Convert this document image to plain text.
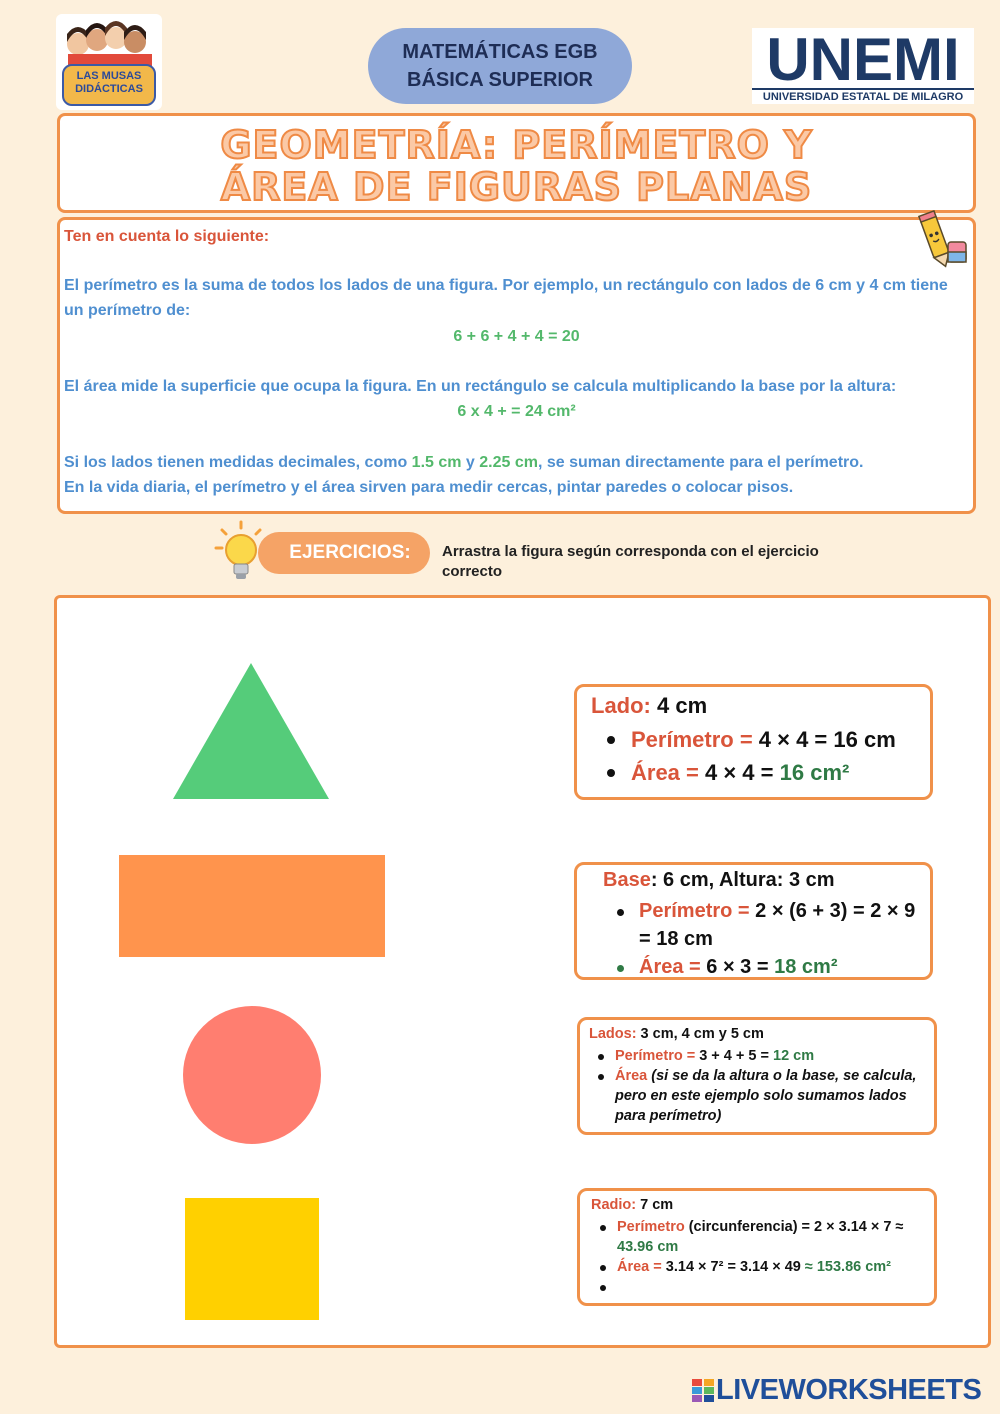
LAS MUSAS
DIDÁCTICAS
MATEMÁTICAS EGB
BÁSICA SUPERIOR	UNEMI
UNIVERSIDAD ESTATAL DE MILAGRO
GEOMETRÍA: PERÍMETRO Y
ÁREA DE FIGURAS PLANAS
Ten en cuenta lo siguiente:
El perímetro es la suma de todos los lados de una figura. Por ejemplo, un rectángulo con lados de 6 cm y 4 cm tiene
un perímetro de:
6 + 6 + 4 + 4 = 20
El área mide la superficie que ocupa la figura. En un rectángulo se calcula multiplicando la base por la altura:
6 x 4 + = 24 cm²
Si los lados tienen medidas decimales, como 1.5 cm y 2.25 cm, se suman directamente para el perímetro.
En la vida diaria, el perímetro y el área sirven para medir cercas, pintar paredes o colocar pisos.
EJERCICIOS:	Arrastra la figura según corresponda con el ejercicio correcto
Lado: 4 cm
Perímetro = 4 × 4 = 16 cm
Área = 4 × 4 = 16 cm²
Base: 6 cm, Altura: 3 cm
Perímetro = 2 × (6 + 3) = 2 × 9 = 18 cm
Área = 6 × 3 = 18 cm²
Lados: 3 cm, 4 cm y 5 cm
Perímetro = 3 + 4 + 5 = 12 cm
Área (si se da la altura o la base, se calcula, pero en este ejemplo solo sumamos lados para perímetro)
Radio: 7 cm
Perímetro (circunferencia) = 2 × 3.14 × 7 ≈ 43.96 cm
Área = 3.14 × 7² = 3.14 × 49 ≈ 153.86 cm²
LIVEWORKSHEETS
